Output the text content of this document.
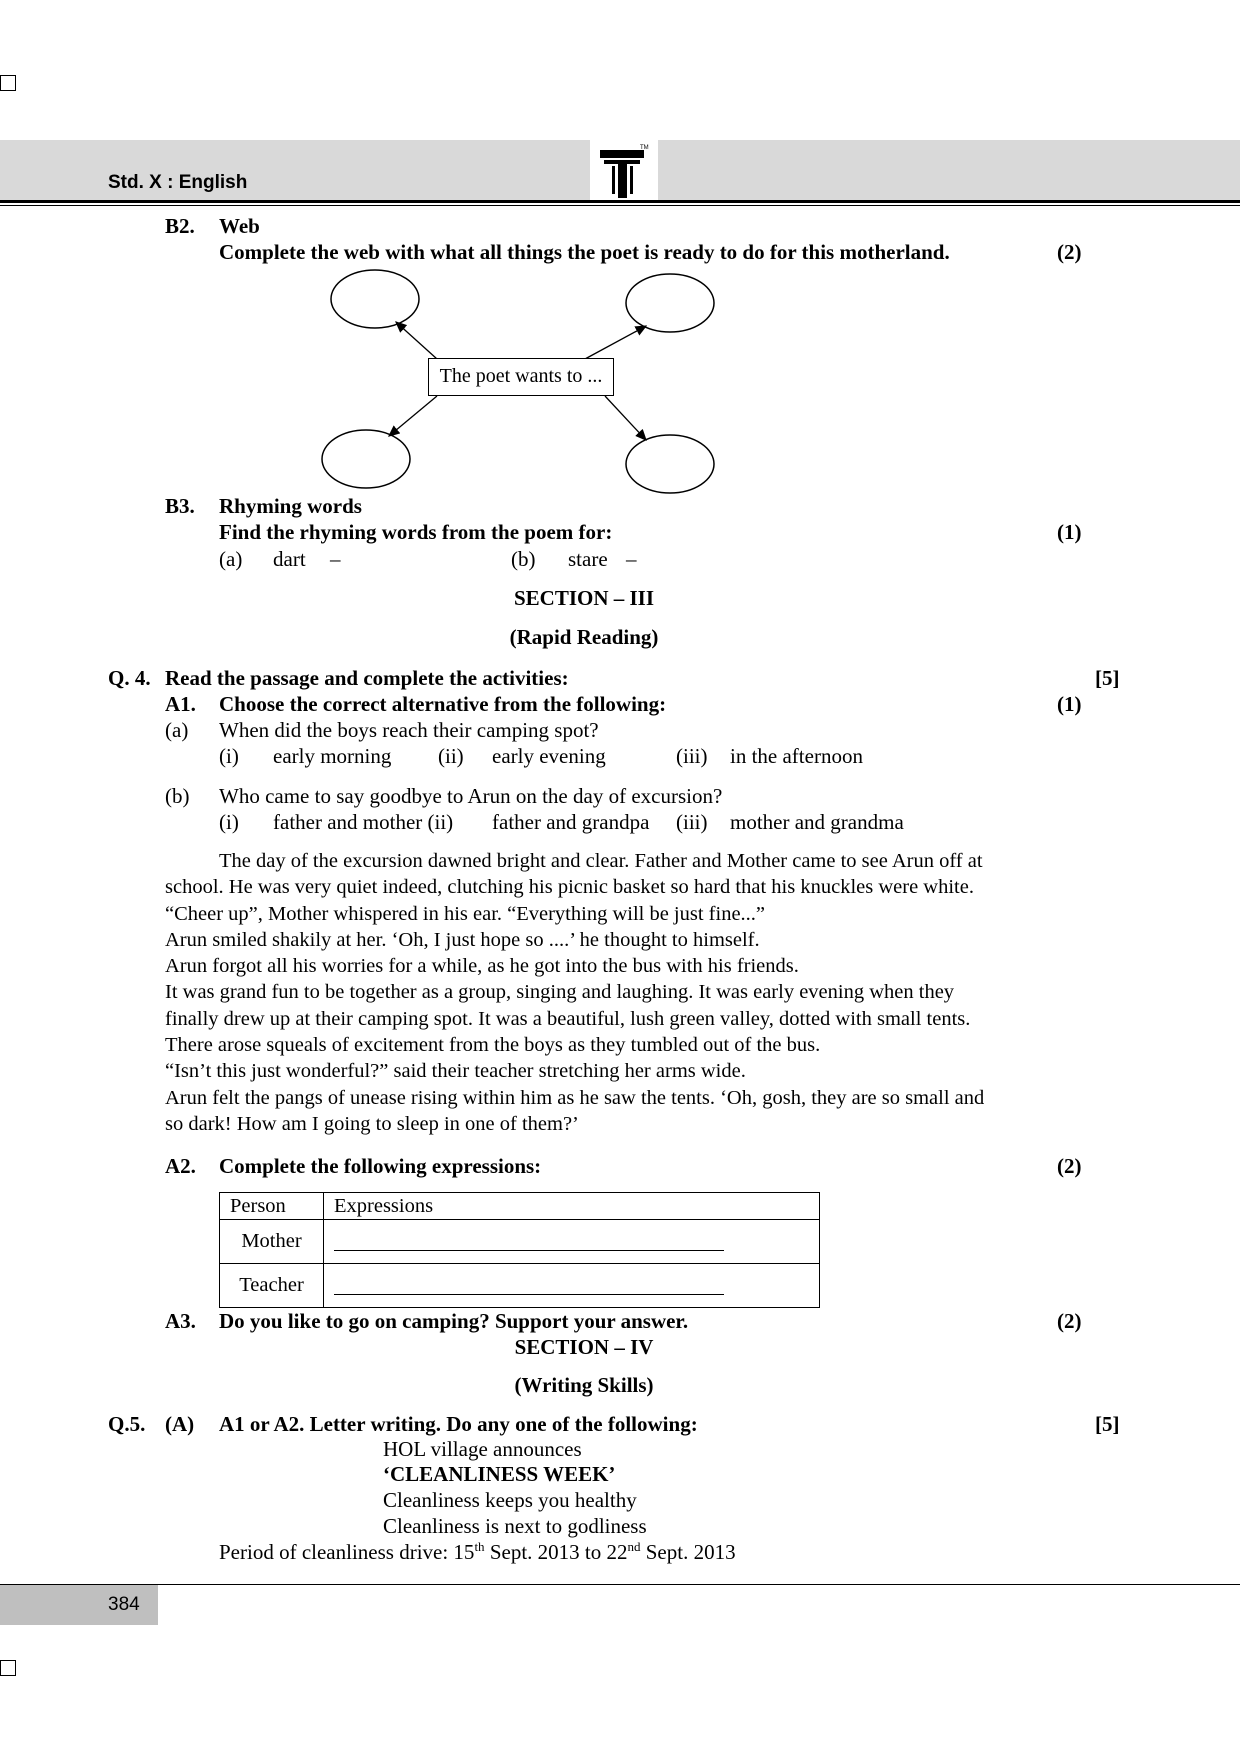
Std. X : English
TM
B2. Web
Complete the web with what all things the poet is ready to do for this motherland.	(2)
The poet wants to ...
B3. Rhyming words
Find the rhyming words from the poem for:	(1)
(a) dart –	(b) stare –
SECTION – III
(Rapid Reading)
Q. 4. Read the passage and complete the activities:	[5]
A1. Choose the correct alternative from the following:	(1)
(a) When did the boys reach their camping spot?
(i) early morning (ii) early evening	(iii) in the afternoon
(b) Who came to say goodbye to Arun on the day of excursion?
(i) father and mother (ii) father and grandpa (iii) mother and grandma
The day of the excursion dawned bright and clear. Father and Mother came to see Arun off at
school. He was very quiet indeed, clutching his picnic basket so hard that his knuckles were white.
“Cheer up”, Mother whispered in his ear. “Everything will be just fine...”
Arun smiled shakily at her. ‘Oh, I just hope so ....’ he thought to himself.
Arun forgot all his worries for a while, as he got into the bus with his friends.
It was grand fun to be together as a group, singing and laughing. It was early evening when they
finally drew up at their camping spot. It was a beautiful, lush green valley, dotted with small tents.
There arose squeals of excitement from the boys as they tumbled out of the bus.
“Isn’t this just wonderful?” said their teacher stretching her arms wide.
Arun felt the pangs of unease rising within him as he saw the tents. ‘Oh, gosh, they are so small and
so dark! How am I going to sleep in one of them?’
A2. Complete the following expressions:	(2)
Person	Expressions
Mother	
Teacher	
A3. Do you like to go on camping? Support your answer.	(2)
SECTION – IV
(Writing Skills)
Q.5. (A) A1 or A2. Letter writing. Do any one of the following:	[5]
HOL village announces
‘CLEANLINESS WEEK’
Cleanliness keeps you healthy
Cleanliness is next to godliness
Period of cleanliness drive: 15th Sept. 2013 to 22nd Sept. 2013
384
